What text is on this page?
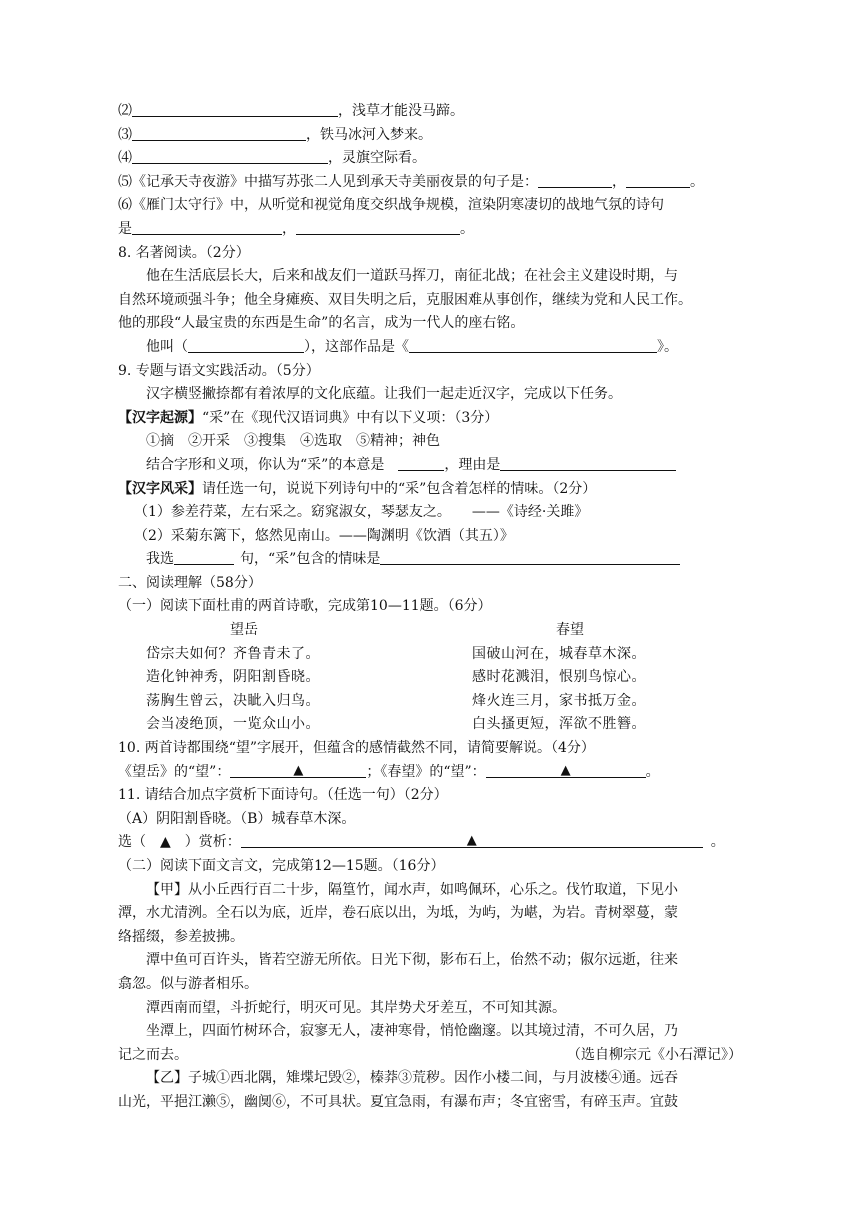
⑵	，浅草才能没马蹄。
⑶	，铁马冰河入梦来。
⑷	，灵旗空际看。
⑸《记承天寺夜游》中描写苏张二人见到承天寺美丽夜景的句子是：	，	。
⑹《雁门太守行》中，从听觉和视觉角度交织战争规模，渲染阴寒凄切的战地气氛的诗句
是	，	。
8. 名著阅读。（2分）
他在生活底层长大，后来和战友们一道跃马挥刀，南征北战；在社会主义建设时期，与
自然环境顽强斗争；他全身瘫痪、双目失明之后，克服困难从事创作，继续为党和人民工作。
他的那段“人最宝贵的东西是生命”的名言，成为一代人的座右铭。
他叫（	），这部作品是《	》。
9. 专题与语文实践活动。（5分）
汉字横竖撇捺都有着浓厚的文化底蕴。让我们一起走近汉字，完成以下任务。
【汉字起源】“采”在《现代汉语词典》中有以下义项：（3分）
①摘　②开采　③搜集　④选取　⑤精神；神色
结合字形和义项，你认为“采”的本意是　	，理由是
【汉字风采】请任选一句，说说下列诗句中的“采”包含着怎样的情味。（2分）
（1）参差荇菜，左右采之。窈窕淑女，琴瑟友之。　　——《诗经·关雎》
（2）采菊东篱下，悠然见南山。——陶渊明《饮酒（其五）》
我选	句，“采”包含的情味是
二、阅读理解（58分）
（一）阅读下面杜甫的两首诗歌，完成第10—11题。（6分）
望岳
岱宗夫如何？齐鲁青未了。
造化钟神秀，阴阳割昏晓。
荡胸生曾云，决眦入归鸟。
会当凌绝顶，一览众山小。
春望
国破山河在，城春草木深。
感时花溅泪，恨别鸟惊心。
烽火连三月，家书抵万金。
白头搔更短，浑欲不胜簪。
10. 两首诗都围绕“望”字展开，但蕴含的感情截然不同，请简要解说。（4分）
《望岳》的“望”：	▲	；《春望》的“望”：	▲	。
11. 请结合加点字赏析下面诗句。（任选一句）（2分）
（A）阴阳割昏晓。（B）城春草木深。
选（　▲　）赏析：	▲	。
（二）阅读下面文言文，完成第12—15题。（16分）
【甲】从小丘西行百二十步，隔篁竹，闻水声，如鸣佩环，心乐之。伐竹取道，下见小
潭，水尤清洌。全石以为底，近岸，卷石底以出，为坻，为屿，为嵁，为岩。青树翠蔓，蒙
络摇缀，参差披拂。
潭中鱼可百许头，皆若空游无所依。日光下彻，影布石上，佁然不动；俶尔远逝，往来
翕忽。似与游者相乐。
潭西南而望，斗折蛇行，明灭可见。其岸势犬牙差互，不可知其源。
坐潭上，四面竹树环合，寂寥无人，凄神寒骨，悄怆幽邃。以其境过清，不可久居，乃
记之而去。	（选自柳宗元《小石潭记》）
【乙】子城①西北隅，雉堞圮毁②，榛莽③荒秽。因作小楼二间，与月波楼④通。远吞
山光，平挹江濑⑤，幽阒⑥，不可具状。夏宜急雨，有瀑布声；冬宜密雪，有碎玉声。宜鼓
